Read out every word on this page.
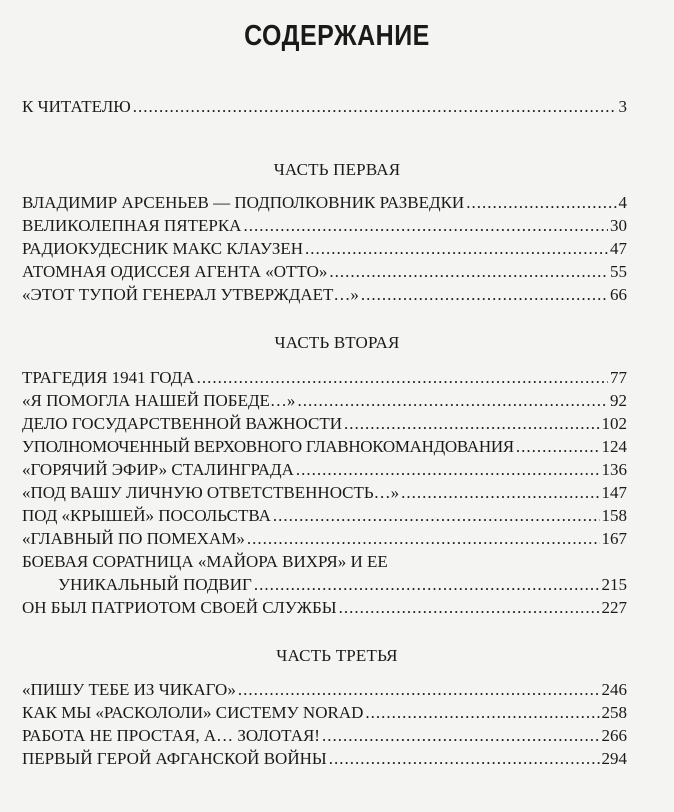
СОДЕРЖАНИЕ
К ЧИТАТЕЛЮ .....	3
ЧАСТЬ ПЕРВАЯ
ВЛАДИМИР АРСЕНЬЕВ — ПОДПОЛКОВНИК РАЗВЕДКИ .....	4
ВЕЛИКОЛЕПНАЯ ПЯТЕРКА .....	30
РАДИОКУДЕСНИК МАКС КЛАУЗЕН .....	47
АТОМНАЯ ОДИССЕЯ АГЕНТА «ОТТО» .....	55
«ЭТОТ ТУПОЙ ГЕНЕРАЛ УТВЕРЖДАЕТ…» .....	66
ЧАСТЬ ВТОРАЯ
ТРАГЕДИЯ 1941 ГОДА .....	77
«Я ПОМОГЛА НАШЕЙ ПОБЕДЕ…» .....	92
ДЕЛО ГОСУДАРСТВЕННОЙ ВАЖНОСТИ .....	102
УПОЛНОМОЧЕННЫЙ ВЕРХОВНОГО ГЛАВНОКОМАНДОВАНИЯ .....	124
«ГОРЯЧИЙ ЭФИР» СТАЛИНГРАДА .....	136
«ПОД ВАШУ ЛИЧНУЮ ОТВЕТСТВЕННОСТЬ…» .....	147
ПОД «КРЫШЕЙ» ПОСОЛЬСТВА .....	158
«ГЛАВНЫЙ ПО ПОМЕХАМ» .....	167
БОЕВАЯ СОРАТНИЦА «МАЙОРА ВИХРЯ» И ЕЕ
УНИКАЛЬНЫЙ ПОДВИГ .....	215
ОН БЫЛ ПАТРИОТОМ СВОЕЙ СЛУЖБЫ .....	227
ЧАСТЬ ТРЕТЬЯ
«ПИШУ ТЕБЕ ИЗ ЧИКАГО» .....	246
КАК МЫ «РАСКОЛОЛИ» СИСТЕМУ NORAD .....	258
РАБОТА НЕ ПРОСТАЯ, А… ЗОЛОТАЯ! .....	266
ПЕРВЫЙ ГЕРОЙ АФГАНСКОЙ ВОЙНЫ .....	294
